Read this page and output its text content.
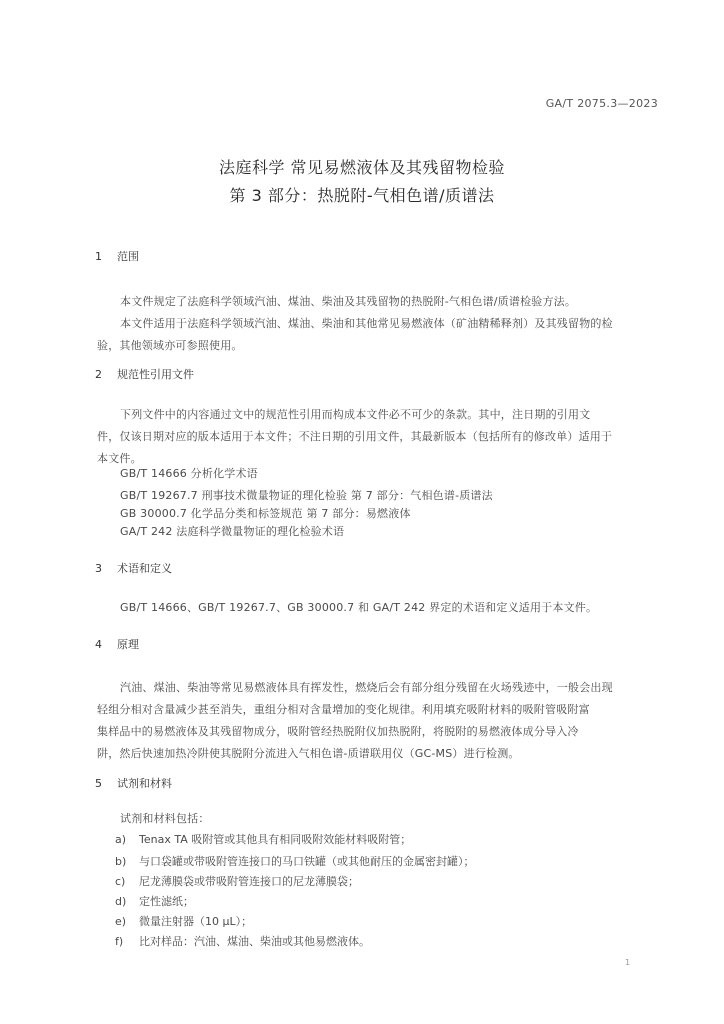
GA/T 2075.3—2023
法庭科学 常见易燃液体及其残留物检验
第 3 部分：热脱附-气相色谱/质谱法
1 范围
本文件规定了法庭科学领域汽油、煤油、柴油及其残留物的热脱附-气相色谱/质谱检验方法。
本文件适用于法庭科学领域汽油、煤油、柴油和其他常见易燃液体（矿油精稀释剂）及其残留物的检
验，其他领域亦可参照使用。
2 规范性引用文件
下列文件中的内容通过文中的规范性引用而构成本文件必不可少的条款。其中，注日期的引用文
件，仅该日期对应的版本适用于本文件；不注日期的引用文件，其最新版本（包括所有的修改单）适用于
本文件。
GB/T 14666 分析化学术语
GB/T 19267.7 刑事技术微量物证的理化检验 第 7 部分：气相色谱-质谱法
GB 30000.7 化学品分类和标签规范 第 7 部分：易燃液体
GA/T 242 法庭科学微量物证的理化检验术语
3 术语和定义
GB/T 14666、GB/T 19267.7、GB 30000.7 和 GA/T 242 界定的术语和定义适用于本文件。
4 原理
汽油、煤油、柴油等常见易燃液体具有挥发性，燃烧后会有部分组分残留在火场残迹中，一般会出现
轻组分相对含量减少甚至消失，重组分相对含量增加的变化规律。利用填充吸附材料的吸附管吸附富
集样品中的易燃液体及其残留物成分，吸附管经热脱附仪加热脱附，将脱附的易燃液体成分导入冷
阱，然后快速加热冷阱使其脱附分流进入气相色谱-质谱联用仪（GC-MS）进行检测。
5 试剂和材料
试剂和材料包括：
a) Tenax TA 吸附管或其他具有相同吸附效能材料吸附管；
b) 与口袋罐或带吸附管连接口的马口铁罐（或其他耐压的金属密封罐）；
c) 尼龙薄膜袋或带吸附管连接口的尼龙薄膜袋；
d) 定性滤纸；
e) 微量注射器（10 μL）；
f) 比对样品：汽油、煤油、柴油或其他易燃液体。
1
